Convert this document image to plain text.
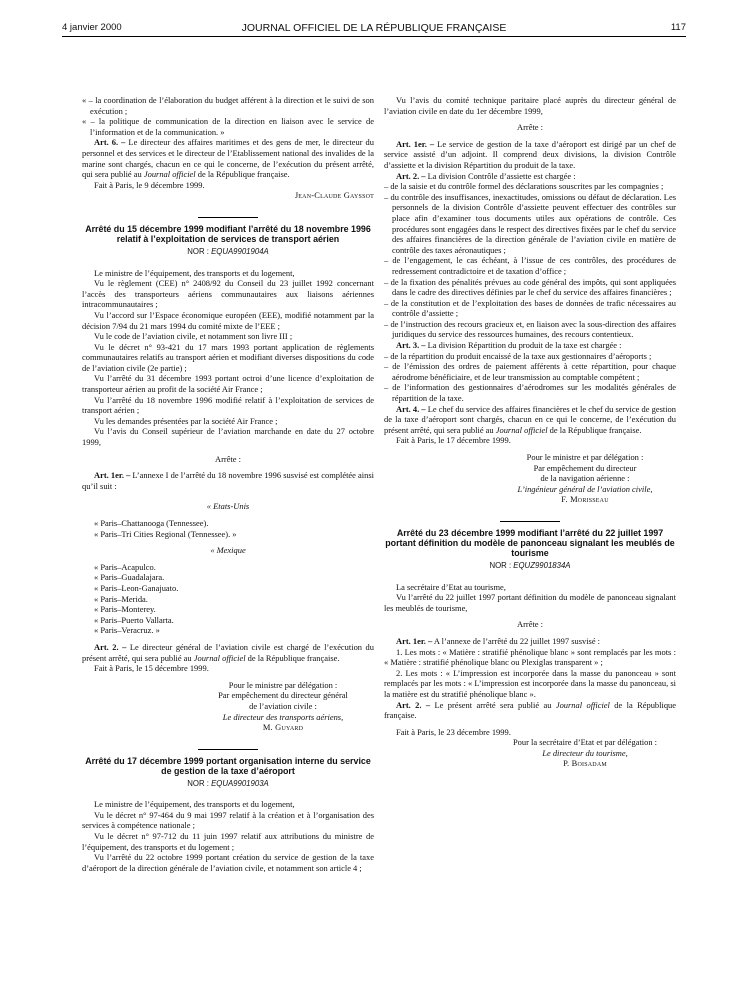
4 janvier 2000	JOURNAL OFFICIEL DE LA RÉPUBLIQUE FRANÇAISE	117

« – la coordination de l’élaboration du budget afférent à la direction et le suivi de son exécution ;

« – la politique de communication de la direction en liaison avec le service de l’information et de la communication. »

Art. 6. – Le directeur des affaires maritimes et des gens de mer, le directeur du personnel et des services et le directeur de l’Etablissement national des invalides de la marine sont chargés, chacun en ce qui le concerne, de l’exécution du présent arrêté, qui sera publié au Journal officiel de la République française.

Fait à Paris, le 9 décembre 1999.

Jean-Claude Gayssot

Arrêté du 15 décembre 1999 modifiant l’arrêté du 18 novembre 1996 relatif à l’exploitation de services de transport aérien

NOR : EQUA9901904A

Le ministre de l’équipement, des transports et du logement,

Vu le règlement (CEE) n° 2408/92 du Conseil du 23 juillet 1992 concernant l’accès des transporteurs aériens communautaires aux liaisons aériennes intracommunautaires ;

Vu l’accord sur l’Espace économique européen (EEE), modifié notamment par la décision 7/94 du 21 mars 1994 du comité mixte de l’EEE ;

Vu le code de l’aviation civile, et notamment son livre III ;

Vu le décret n° 93-421 du 17 mars 1993 portant application de règlements communautaires relatifs au transport aérien et modifiant diverses dispositions du code de l’aviation civile (2e partie) ;

Vu l’arrêté du 31 décembre 1993 portant octroi d’une licence d’exploitation de transporteur aérien au profit de la société Air France ;

Vu l’arrêté du 18 novembre 1996 modifié relatif à l’exploitation de services de transport aérien ;

Vu les demandes présentées par la société Air France ;

Vu l’avis du Conseil supérieur de l’aviation marchande en date du 27 octobre 1999,

Arrête :

Art. 1er. – L’annexe I de l’arrêté du 18 novembre 1996 susvisé est complétée ainsi qu’il suit :

« Etats-Unis

« Paris–Chattanooga (Tennessee).

« Paris–Tri Cities Regional (Tennessee). »

« Mexique

« Paris–Acapulco.

« Paris–Guadalajara.

« Paris–Leon-Ganajuato.

« Paris–Merida.

« Paris–Monterey.

« Paris–Puerto Vallarta.

« Paris–Veracruz. »

Art. 2. – Le directeur général de l’aviation civile est chargé de l’exécution du présent arrêté, qui sera publié au Journal officiel de la République française.

Fait à Paris, le 15 décembre 1999.

Pour le ministre par délégation :

Par empêchement du directeur général

de l’aviation civile :

Le directeur des transports aériens,

M. Guyard

Arrêté du 17 décembre 1999 portant organisation interne du service de gestion de la taxe d’aéroport

NOR : EQUA9901903A

Le ministre de l’équipement, des transports et du logement,

Vu le décret n° 97-464 du 9 mai 1997 relatif à la création et à l’organisation des services à compétence nationale ;

Vu le décret n° 97-712 du 11 juin 1997 relatif aux attributions du ministre de l’équipement, des transports et du logement ;

Vu l’arrêté du 22 octobre 1999 portant création du service de gestion de la taxe d’aéroport de la direction générale de l’aviation civile, et notamment son article 4 ;

Vu l’avis du comité technique paritaire placé auprès du directeur général de l’aviation civile en date du 1er décembre 1999,

Arrête :

Art. 1er. – Le service de gestion de la taxe d’aéroport est dirigé par un chef de service assisté d’un adjoint. Il comprend deux divisions, la division Contrôle d’assiette et la division Répartition du produit de la taxe.

Art. 2. – La division Contrôle d’assiette est chargée :

– de la saisie et du contrôle formel des déclarations souscrites par les compagnies ;

– du contrôle des insuffisances, inexactitudes, omissions ou défaut de déclaration. Les personnels de la division Contrôle d’assiette peuvent effectuer des contrôles sur place afin d’examiner tous documents utiles aux opérations de contrôle. Ces procédures sont engagées dans le respect des directives fixées par le chef du service des affaires financières de la direction générale de l’aviation civile en matière de contrôle des taxes aéronautiques ;

– de l’engagement, le cas échéant, à l’issue de ces contrôles, des procédures de redressement contradictoire et de taxation d’office ;

– de la fixation des pénalités prévues au code général des impôts, qui sont appliquées dans le cadre des directives définies par le chef du service des affaires financières ;

– de la constitution et de l’exploitation des bases de données de trafic nécessaires au contrôle d’assiette ;

– de l’instruction des recours gracieux et, en liaison avec la sous-direction des affaires juridiques du service des ressources humaines, des recours contentieux.

Art. 3. – La division Répartition du produit de la taxe est chargée :

– de la répartition du produit encaissé de la taxe aux gestionnaires d’aéroports ;

– de l’émission des ordres de paiement afférents à cette répartition, pour chaque aérodrome bénéficiaire, et de leur transmission au comptable compétent ;

– de l’information des gestionnaires d’aérodromes sur les modalités générales de répartition de la taxe.

Art. 4. – Le chef du service des affaires financières et le chef du service de gestion de la taxe d’aéroport sont chargés, chacun en ce qui le concerne, de l’exécution du présent arrêté, qui sera publié au Journal officiel de la République française.

Fait à Paris, le 17 décembre 1999.

Pour le ministre et par délégation :

Par empêchement du directeur

de la navigation aérienne :

L’ingénieur général de l’aviation civile,

F. Morisseau

Arrêté du 23 décembre 1999 modifiant l’arrêté du 22 juillet 1997 portant définition du modèle de panonceau signalant les meublés de tourisme

NOR : EQUZ9901834A

La secrétaire d’Etat au tourisme,

Vu l’arrêté du 22 juillet 1997 portant définition du modèle de panonceau signalant les meublés de tourisme,

Arrête :

Art. 1er. – A l’annexe de l’arrêté du 22 juillet 1997 susvisé :

1. Les mots : « Matière : stratifié phénolique blanc » sont remplacés par les mots : « Matière : stratifié phénolique blanc ou Plexiglas transparent » ;

2. Les mots : « L’impression est incorporée dans la masse du panonceau » sont remplacés par les mots : « L’impression est incorporée dans la masse du panonceau, si la matière est du stratifié phénolique blanc ».

Art. 2. – Le présent arrêté sera publié au Journal officiel de la République française.

Fait à Paris, le 23 décembre 1999.

Pour la secrétaire d’Etat et par délégation :

Le directeur du tourisme,

P. Boisadam
